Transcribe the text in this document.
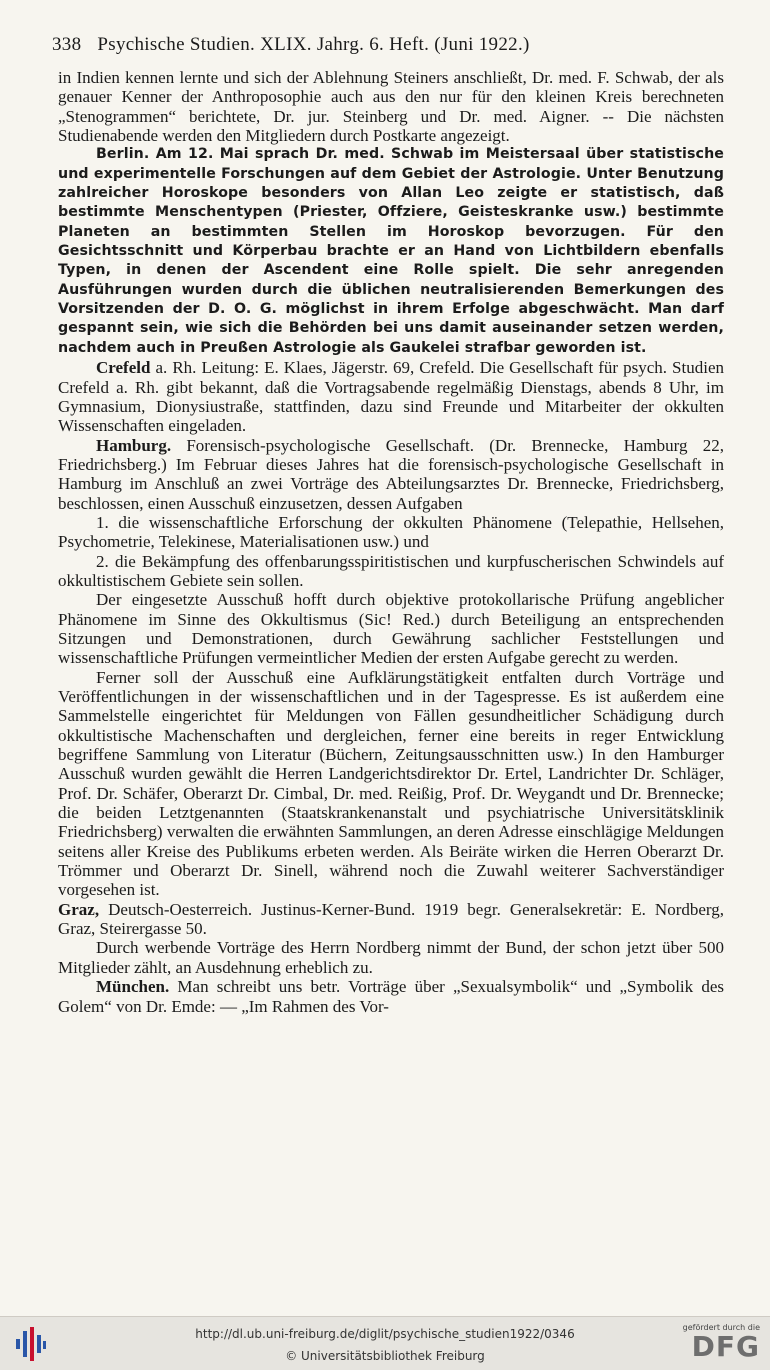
338 Psychische Studien. XLIX. Jahrg. 6. Heft. (Juni 1922.)

in Indien kennen lernte und sich der Ablehnung Steiners anschließt, Dr. med. F. Schwab, der als genauer Kenner der Anthroposophie auch aus den nur für den kleinen Kreis berechneten „Stenogrammen“ berichtete, Dr. jur. Steinberg und Dr. med. Aigner. -- Die nächsten Studienabende werden den Mitgliedern durch Postkarte angezeigt.

Berlin. Am 12. Mai sprach Dr. med. Schwab im Meistersaal über statistische und experimentelle Forschungen auf dem Gebiet der Astrologie. Unter Benutzung zahlreicher Horoskope besonders von Allan Leo zeigte er statistisch, daß bestimmte Menschentypen (Priester, Offziere, Geisteskranke usw.) bestimmte Planeten an bestimmten Stellen im Horoskop bevorzugen. Für den Gesichtsschnitt und Körperbau brachte er an Hand von Lichtbildern ebenfalls Typen, in denen der Ascendent eine Rolle spielt. Die sehr anregenden Ausführungen wurden durch die üblichen neutralisierenden Bemerkungen des Vorsitzenden der D. O. G. möglichst in ihrem Erfolge abgeschwächt. Man darf gespannt sein, wie sich die Behörden bei uns damit auseinander setzen werden, nachdem auch in Preußen Astrologie als Gaukelei strafbar geworden ist.

Crefeld a. Rh. Leitung: E. Klaes, Jägerstr. 69, Crefeld. Die Gesellschaft für psych. Studien Crefeld a. Rh. gibt bekannt, daß die Vortragsabende regelmäßig Dienstags, abends 8 Uhr, im Gymnasium, Dionysiustraße, stattfinden, dazu sind Freunde und Mitarbeiter der okkulten Wissenschaften eingeladen.

Hamburg. Forensisch-psychologische Gesellschaft. (Dr. Brennecke, Hamburg 22, Friedrichsberg.) Im Februar dieses Jahres hat die forensisch-psychologische Gesellschaft in Hamburg im Anschluß an zwei Vorträge des Abteilungsarztes Dr. Brennecke, Friedrichsberg, beschlossen, einen Ausschuß einzusetzen, dessen Aufgaben

1. die wissenschaftliche Erforschung der okkulten Phänomene (Telepathie, Hellsehen, Psychometrie, Telekinese, Materialisationen usw.) und

2. die Bekämpfung des offenbarungsspiritistischen und kurpfuscherischen Schwindels auf okkultistischem Gebiete sein sollen.

Der eingesetzte Ausschuß hofft durch objektive protokollarische Prüfung angeblicher Phänomene im Sinne des Okkultismus (Sic! Red.) durch Beteiligung an entsprechenden Sitzungen und Demonstrationen, durch Gewährung sachlicher Feststellungen und wissenschaftliche Prüfungen vermeintlicher Medien der ersten Aufgabe gerecht zu werden.

Ferner soll der Ausschuß eine Aufklärungstätigkeit entfalten durch Vorträge und Veröffentlichungen in der wissenschaftlichen und in der Tagespresse. Es ist außerdem eine Sammelstelle eingerichtet für Meldungen von Fällen gesundheitlicher Schädigung durch okkultistische Machenschaften und dergleichen, ferner eine bereits in reger Entwicklung begriffene Sammlung von Literatur (Büchern, Zeitungsausschnitten usw.) In den Hamburger Ausschuß wurden gewählt die Herren Landgerichtsdirektor Dr. Ertel, Landrichter Dr. Schläger, Prof. Dr. Schäfer, Oberarzt Dr. Cimbal, Dr. med. Reißig, Prof. Dr. Weygandt und Dr. Brennecke; die beiden Letztgenannten (Staatskrankenanstalt und psychiatrische Universitätsklinik Friedrichsberg) verwalten die erwähnten Sammlungen, an deren Adresse einschlägige Meldungen seitens aller Kreise des Publikums erbeten werden. Als Beiräte wirken die Herren Oberarzt Dr. Trömmer und Oberarzt Dr. Sinell, während noch die Zuwahl weiterer Sachverständiger vorgesehen ist.

Graz, Deutsch-Oesterreich. Justinus-Kerner-Bund. 1919 begr. Generalsekretär: E. Nordberg, Graz, Steirergasse 50.

Durch werbende Vorträge des Herrn Nordberg nimmt der Bund, der schon jetzt über 500 Mitglieder zählt, an Ausdehnung erheblich zu.

München. Man schreibt uns betr. Vorträge über „Sexualsymbolik“ und „Symbolik des Golem“ von Dr. Emde: — „Im Rahmen des Vor-

http://dl.ub.uni-freiburg.de/diglit/psychische_studien1922/0346
© Universitätsbibliothek Freiburg
gefördert durch die
DFG
